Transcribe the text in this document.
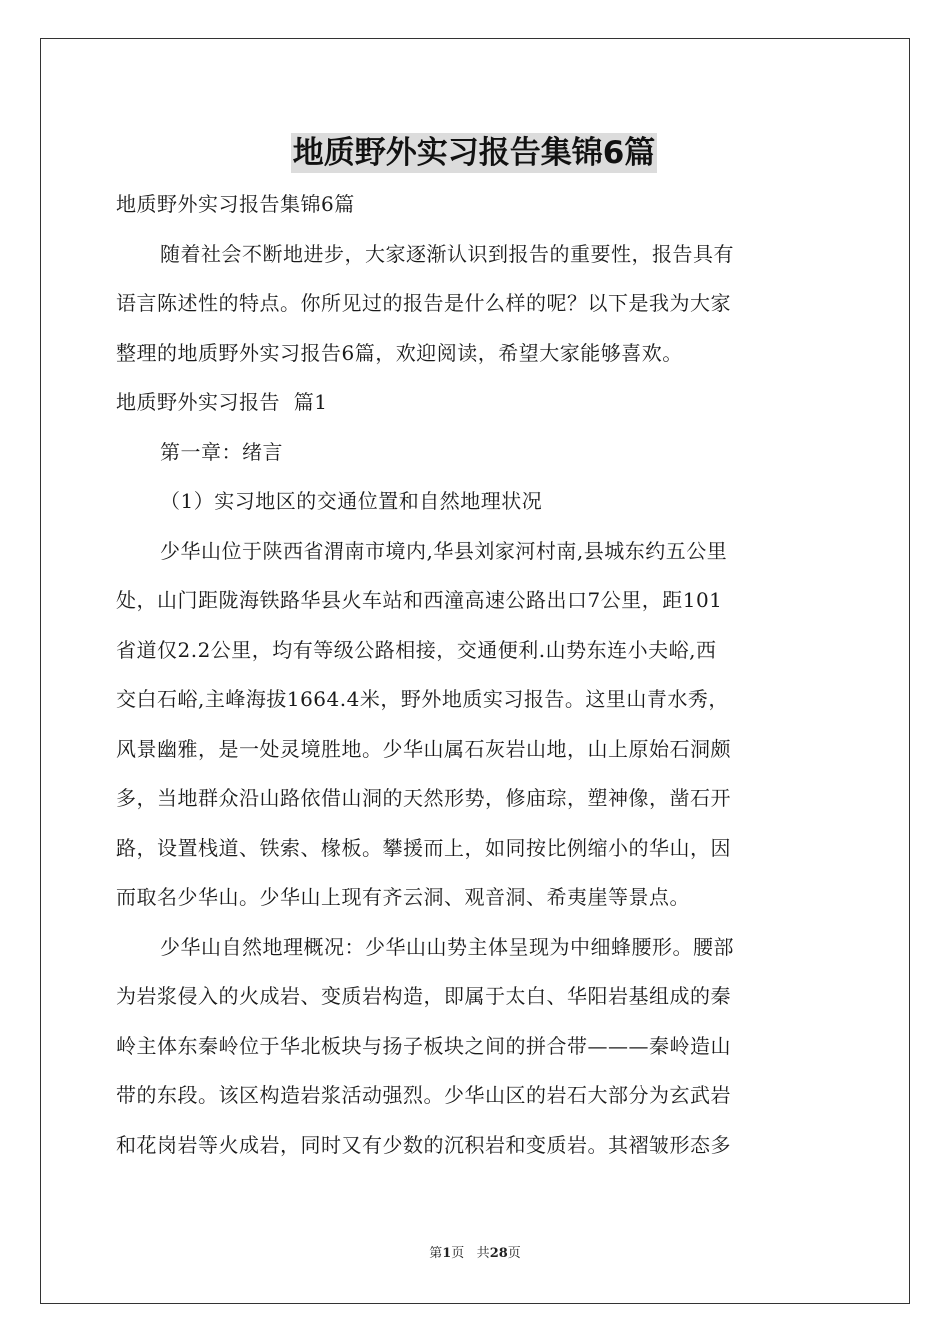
地质野外实习报告集锦6篇

地质野外实习报告集锦6篇

随着社会不断地进步，大家逐渐认识到报告的重要性，报告具有

语言陈述性的特点。你所见过的报告是什么样的呢？以下是我为大家

整理的地质野外实习报告6篇，欢迎阅读，希望大家能够喜欢。

地质野外实习报告  篇1

第一章：绪言

（1）实习地区的交通位置和自然地理状况

少华山位于陕西省渭南市境内,华县刘家河村南,县城东约五公里

处，山门距陇海铁路华县火车站和西潼高速公路出口7公里，距101

省道仅2.2公里，均有等级公路相接，交通便利.山势东连小夫峪,西

交白石峪,主峰海拔1664.4米，野外地质实习报告。这里山青水秀，

风景幽雅，是一处灵境胜地。少华山属石灰岩山地，山上原始石洞颇

多，当地群众沿山路依借山洞的天然形势，修庙琮，塑神像，凿石开

路，设置栈道、铁索、椽板。攀援而上，如同按比例缩小的华山，因

而取名少华山。少华山上现有齐云洞、观音洞、希夷崖等景点。

少华山自然地理概况：少华山山势主体呈现为中细蜂腰形。腰部

为岩浆侵入的火成岩、变质岩构造，即属于太白、华阳岩基组成的秦

岭主体东秦岭位于华北板块与扬子板块之间的拼合带———秦岭造山

带的东段。该区构造岩浆活动强烈。少华山区的岩石大部分为玄武岩

和花岗岩等火成岩，同时又有少数的沉积岩和变质岩。其褶皱形态多

第1页 共28页
